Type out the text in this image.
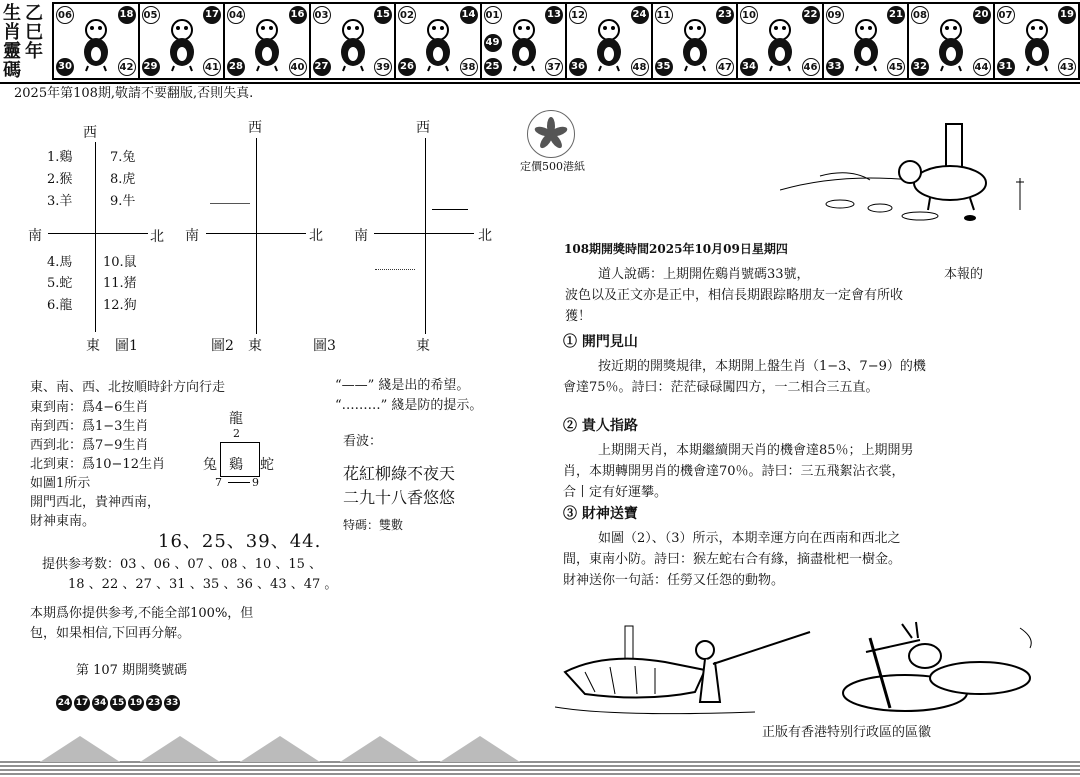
生肖靈碼
乙巳年
06	18
30	42
05	17
29	41
04	16
28	40
03	15
27	39
02	14
26	38
01	13
25	37
49
12	24
36	48
11	23
35	47
10	22
34	46
09	21
33	45
08	20
32	44
07	19
31	43
2025年第108期,敬請不要翻版,否則失真.
西
南	北
東 圖1
1.鷄
2.猴
3.羊
4.馬
5.蛇
6.龍
7.兔
8.虎
9.牛
10.鼠
11.猪
12.狗
西
南	北
圖2 東	圖3
西
南	北
東
東、南、西、北按順時針方向行走
東到南：爲4−6生肖
南到西：爲1−3生肖
西到北：爲7−9生肖
北到東：爲10−12生肖
如圖1所示
開門西北，貴神西南，
財神東南。
龍
2
兔 鷄 蛇
7	9
“——” 綫是出的希望。
“………” 綫是防的提示。
看波：
花紅柳綠不夜天
二九十八香悠悠
特碼：雙數
16、25、39、44.
提供参考数：03 、06 、07 、08 、10 、15 、
18 、22 、27 、31 、35 、36 、43 、47 。
本期爲你提供参考,不能全部100%，但
包，如果相信,下回再分解。
第 107 期開獎號碼
24 17 34 15 19 23 33
定價500港紙
108期開獎時間2025年10月09日星期四
道人說碼：上期開佐鷄肖號碼33號，	本報的
波色以及正文亦是正中，相信長期跟踪略朋友一定會有所收
獲！
① 開門見山
按近期的開獎規律，本期開上盤生肖（1−3、7−9）的機
會達75％。詩曰：茫茫碌碌闖四方，一二相合三五直。
② 貴人指路
上期開天肖，本期繼續開天肖的機會達85％；上期開男
肖，本期轉開男肖的機會達70％。詩曰：三五飛絮沾衣裳，
合丨定有好運攀。
③ 財神送寶
如圖（2）、（3）所示，本期幸運方向在西南和西北之
間，東南小防。詩曰：猴左蛇右合有緣，摘盡枇杷一樹金。
財神送你一句話：任勞又任怨的動物。
正版有香港特别行政區的區徽
